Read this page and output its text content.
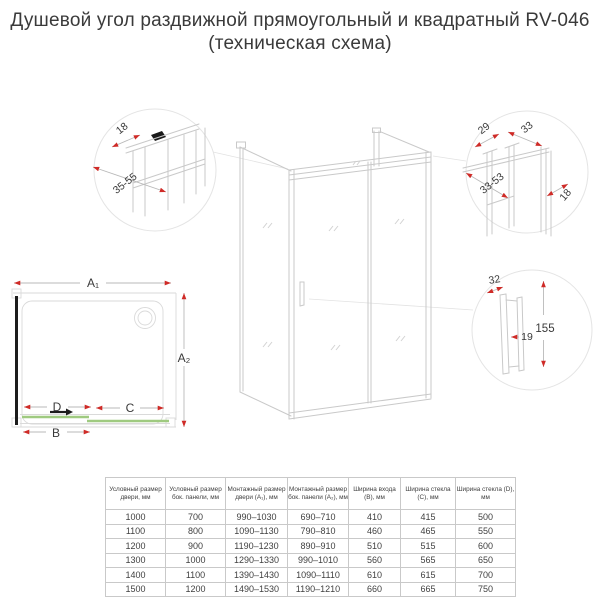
Душевой угол раздвижной прямоугольный и квадратный RV-046
(техническая схема)
A₁
A₂
D	C
B
18
35-55
29	33
33-53	18
32
19
155
Условный размер двери, мм	Условный размер бок. панели, мм	Монтажный размер двери (А₁), мм	Монтажный размер бок. панели (А₂), мм	Ширина входа (B), мм	Ширина стекла (C), мм	Ширина стекла (D), мм
1000	700	990–1030	690–710	410	415	500
1100	800	1090–1130	790–810	460	465	550
1200	900	1190–1230	890–910	510	515	600
1300	1000	1290–1330	990–1010	560	565	650
1400	1100	1390–1430	1090–1110	610	615	700
1500	1200	1490–1530	1190–1210	660	665	750
